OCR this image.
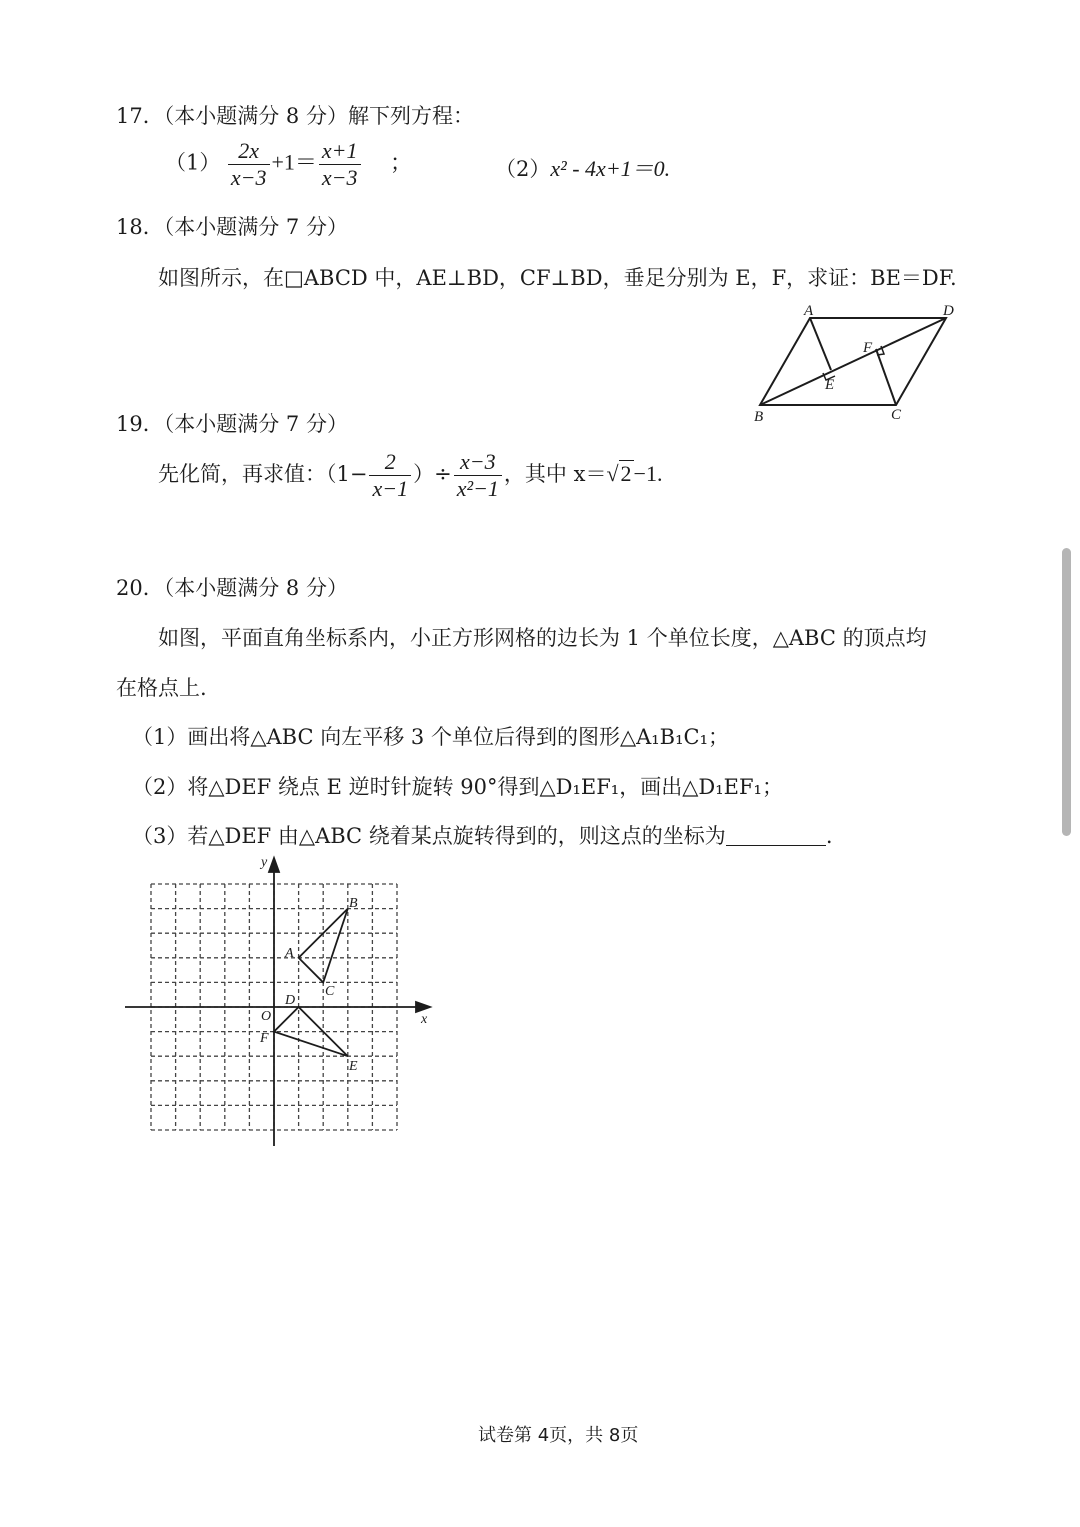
17．（本小题满分 8 分）解下列方程：
$(1) \frac{2x}{x-3} +1= \frac{x+1}{x-3}$ ；	（2）x² - 4x+1＝0.
18．（本小题满分 7 分）
如图所示，在□ABCD 中，AE⊥BD，CF⊥BD，垂足分别为 E，F，求证：BE＝DF.
A	D
B	C
E
F
19．（本小题满分 7 分）
先化简，再求值：（$1- \frac{2}{x-1}$ ）÷ $\frac{x-3}{\text{x²−1}}$ ，其中 x＝√2−1.
20．（本小题满分 8 分）
如图，平面直角坐标系内，小正方形网格的边长为 1 个单位长度，△ABC 的顶点均
在格点上.
（1）画出将△ABC 向左平移 3 个单位后得到的图形△A₁B₁C₁；
（2）将△DEF 绕点 E 逆时针旋转 90°得到△D₁EF₁，画出△D₁EF₁；
（3）若△DEF 由△ABC 绕着某点旋转得到的，则这点的坐标为	.
y
x
O
A
B
C
D
E
F
试卷第 4页，共 8页
